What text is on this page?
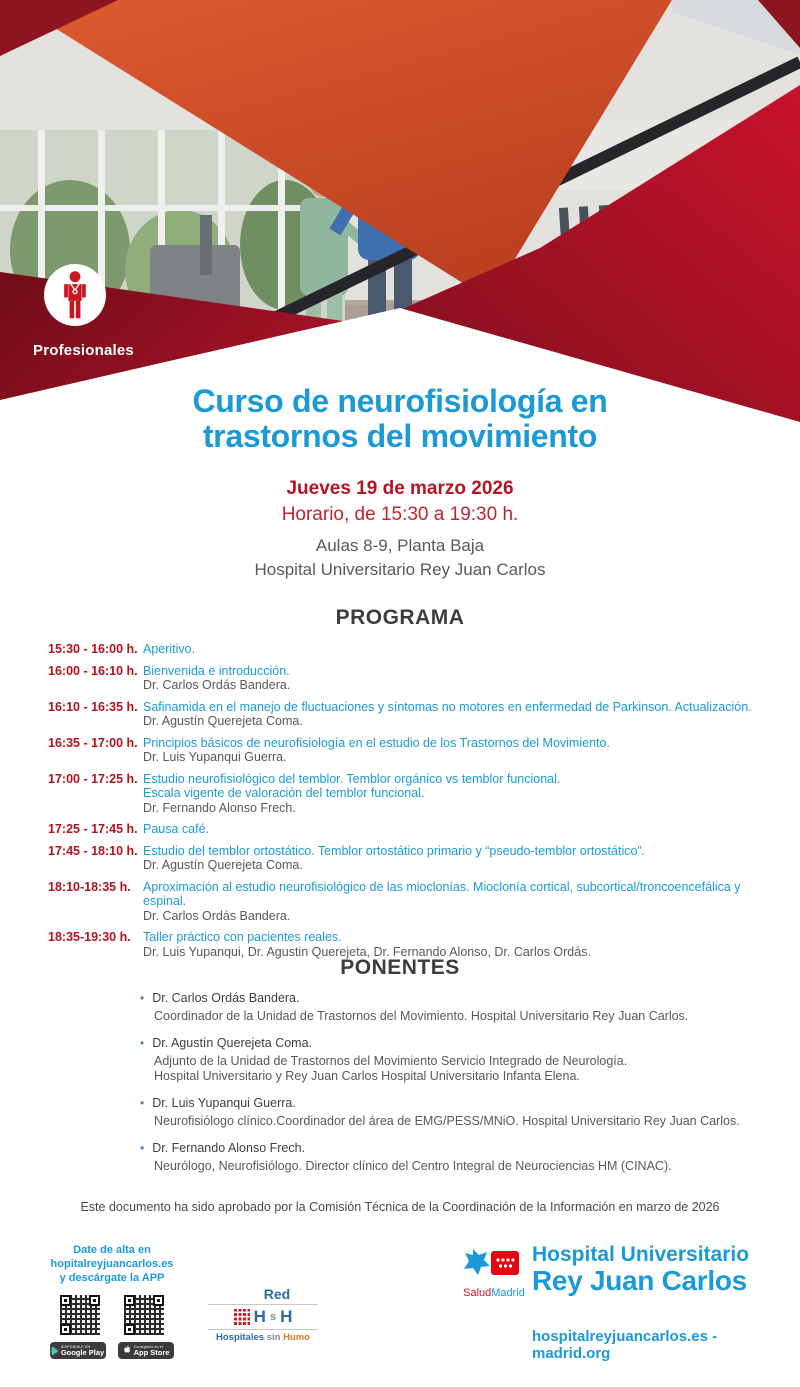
Profesionales
Curso de neurofisiología en
trastornos del movimiento
Jueves 19 de marzo 2026
Horario, de 15:30 a 19:30 h.
Aulas 8-9, Planta Baja
Hospital Universitario Rey Juan Carlos
PROGRAMA
15:30 - 16:00 h. Aperitivo.
16:00 - 16:10 h. Bienvenida e introducción.
Dr. Carlos Ordás Bandera.
16:10 - 16:35 h. Safinamida en el manejo de fluctuaciones y síntomas no motores en enfermedad de Parkinson. Actualización.
Dr. Agustín Querejeta Coma.
16:35 - 17:00 h. Principios básicos de neurofisiología en el estudio de los Trastornos del Movimiento.
Dr. Luis Yupanqui Guerra.
17:00 - 17:25 h. Estudio neurofisiológico del temblor. Temblor orgánico vs temblor funcional.
Escala vigente de valoración del temblor funcional.
Dr. Fernando Alonso Frech.
17:25 - 17:45 h. Pausa café.
17:45 - 18:10 h. Estudio del temblor ortostático. Temblor ortostático primario y “pseudo-temblor ortostático”.
Dr. Agustín Querejeta Coma.
18:10-18:35 h. Aproximación al estudio neurofisiológico de las mioclonías. Mioclonía cortical, subcortical/troncoencefálica y espinal.
Dr. Carlos Ordás Bandera.
18:35-19:30 h. Taller práctico con pacientes reales.
Dr. Luis Yupanqui, Dr. Agustin Querejeta, Dr. Fernando Alonso, Dr. Carlos Ordás.
PONENTES
• Dr. Carlos Ordás Bandera.
Coordinador de la Unidad de Trastornos del Movimiento. Hospital Universitario Rey Juan Carlos.
• Dr. Agustín Querejeta Coma.
Adjunto de la Unidad de Trastornos del Movimiento Servicio Integrado de Neurología.
Hospital Universitario y Rey Juan Carlos Hospital Universitario Infanta Elena.
• Dr. Luis Yupanqui Guerra.
Neurofisiólogo clínico.Coordinador del área de EMG/PESS/MNiO. Hospital Universitario Rey Juan Carlos.
• Dr. Fernando Alonso Frech.
Neurólogo, Neurofisiólogo. Director clínico del Centro Integral de Neurociencias HM (CINAC).
Este documento ha sido aprobado por la Comisión Técnica de la Coordinación de la Información en marzo de 2026
Date de alta en hopitalreyjuancarlos.es
y descárgate la APP
DISPONIBLE EN
Google Play
Consíguelo en el
App Store
Red
H s H
Hospitales sin Humo
SaludMadrid
Hospital Universitario
Rey Juan Carlos
hospitalreyjuancarlos.es - madrid.org
